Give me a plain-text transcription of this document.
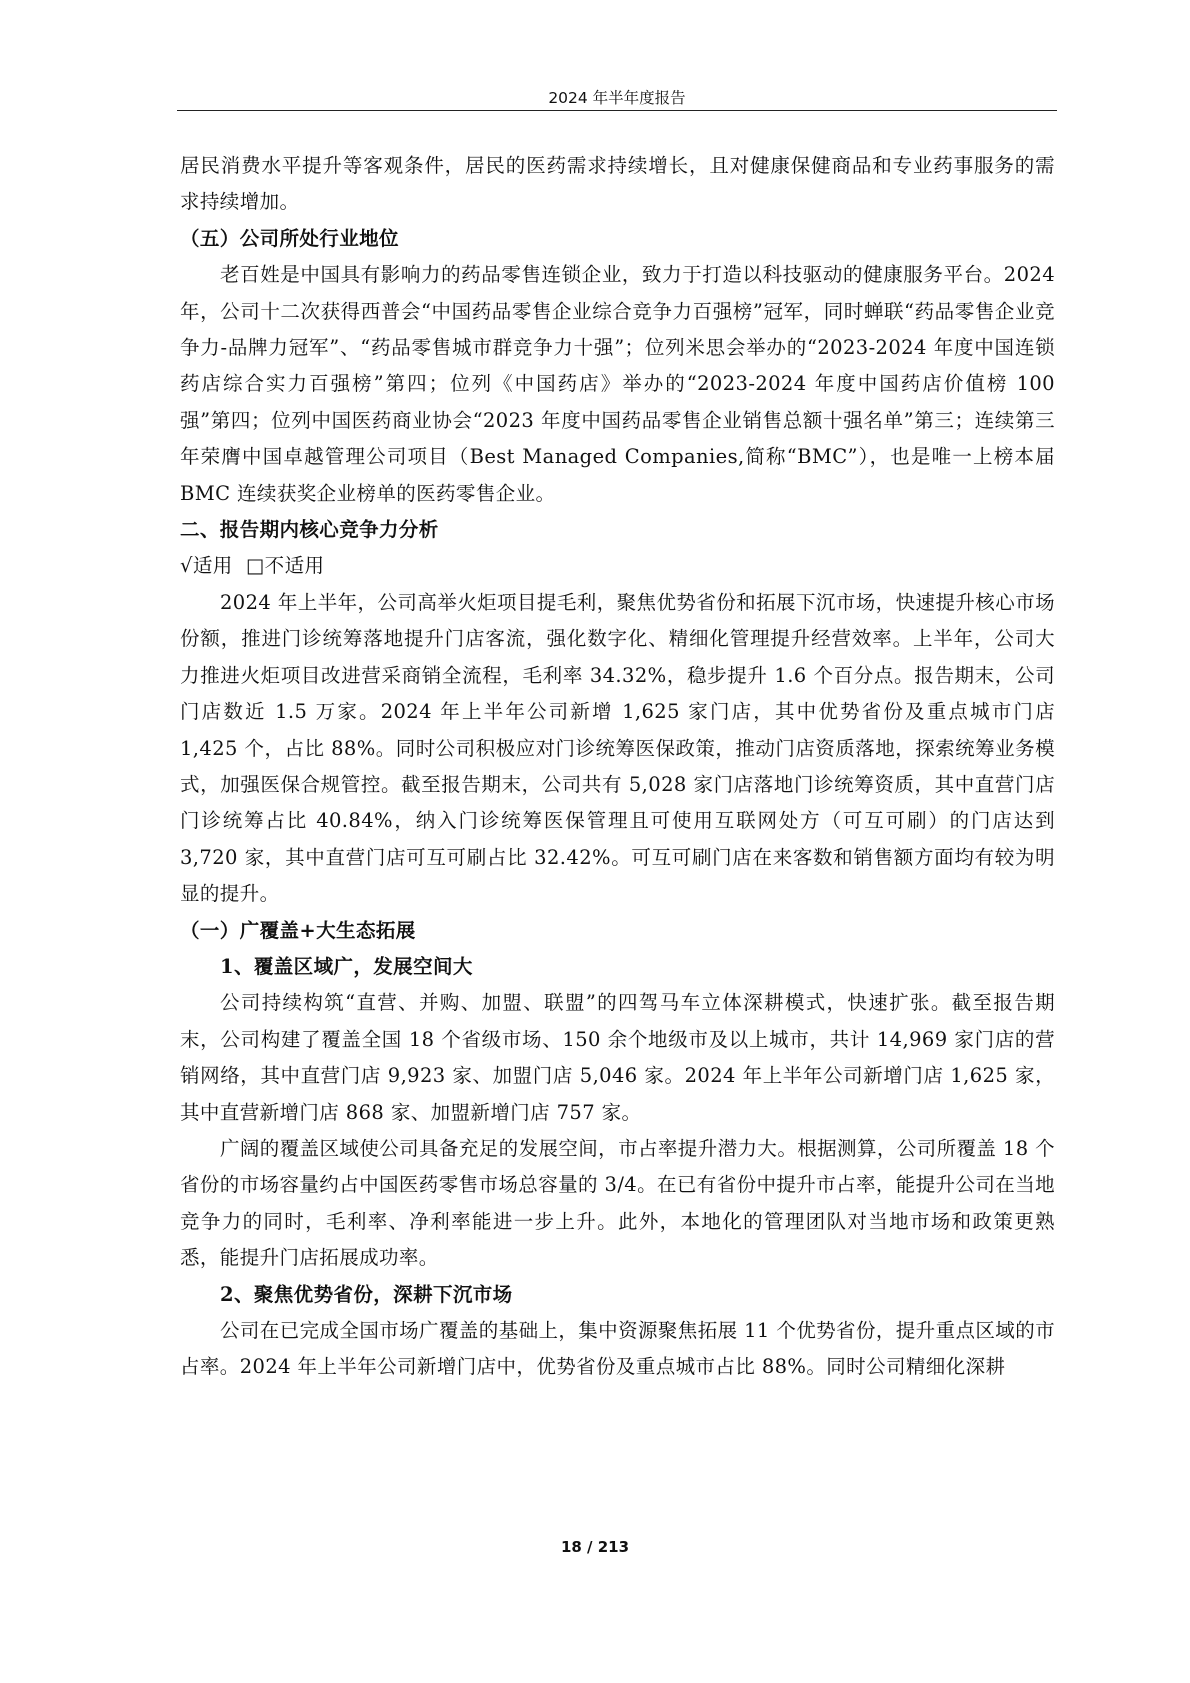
2024 年半年度报告

居民消费水平提升等客观条件，居民的医药需求持续增长，且对健康保健商品和专业药事服务的需求持续增加。

（五）公司所处行业地位

老百姓是中国具有影响力的药品零售连锁企业，致力于打造以科技驱动的健康服务平台。2024 年，公司十二次获得西普会“中国药品零售企业综合竞争力百强榜”冠军，同时蝉联“药品零售企业竞争力-品牌力冠军”、“药品零售城市群竞争力十强”；位列米思会举办的“2023-2024 年度中国连锁药店综合实力百强榜”第四；位列《中国药店》举办的“2023-2024 年度中国药店价值榜 100 强”第四；位列中国医药商业协会“2023 年度中国药品零售企业销售总额十强名单”第三；连续第三年荣膺中国卓越管理公司项目（Best Managed Companies,简称“BMC”），也是唯一上榜本届 BMC 连续获奖企业榜单的医药零售企业。

二、报告期内核心竞争力分析

√适用 □不适用

2024 年上半年，公司高举火炬项目提毛利，聚焦优势省份和拓展下沉市场，快速提升核心市场份额，推进门诊统筹落地提升门店客流，强化数字化、精细化管理提升经营效率。上半年，公司大力推进火炬项目改进营采商销全流程，毛利率 34.32%，稳步提升 1.6 个百分点。报告期末，公司门店数近 1.5 万家。2024 年上半年公司新增 1,625 家门店，其中优势省份及重点城市门店 1,425 个，占比 88%。同时公司积极应对门诊统筹医保政策，推动门店资质落地，探索统筹业务模式，加强医保合规管控。截至报告期末，公司共有 5,028 家门店落地门诊统筹资质，其中直营门店门诊统筹占比 40.84%，纳入门诊统筹医保管理且可使用互联网处方（可互可刷）的门店达到 3,720 家，其中直营门店可互可刷占比 32.42%。可互可刷门店在来客数和销售额方面均有较为明显的提升。

（一）广覆盖+大生态拓展

1、覆盖区域广，发展空间大

公司持续构筑“直营、并购、加盟、联盟”的四驾马车立体深耕模式，快速扩张。截至报告期末，公司构建了覆盖全国 18 个省级市场、150 余个地级市及以上城市，共计 14,969 家门店的营销网络，其中直营门店 9,923 家、加盟门店 5,046 家。2024 年上半年公司新增门店 1,625 家，其中直营新增门店 868 家、加盟新增门店 757 家。

广阔的覆盖区域使公司具备充足的发展空间，市占率提升潜力大。根据测算，公司所覆盖 18 个省份的市场容量约占中国医药零售市场总容量的 3/4。在已有省份中提升市占率，能提升公司在当地竞争力的同时，毛利率、净利率能进一步上升。此外，本地化的管理团队对当地市场和政策更熟悉，能提升门店拓展成功率。

2、聚焦优势省份，深耕下沉市场

公司在已完成全国市场广覆盖的基础上，集中资源聚焦拓展 11 个优势省份，提升重点区域的市占率。2024 年上半年公司新增门店中，优势省份及重点城市占比 88%。同时公司精细化深耕

18 / 213
